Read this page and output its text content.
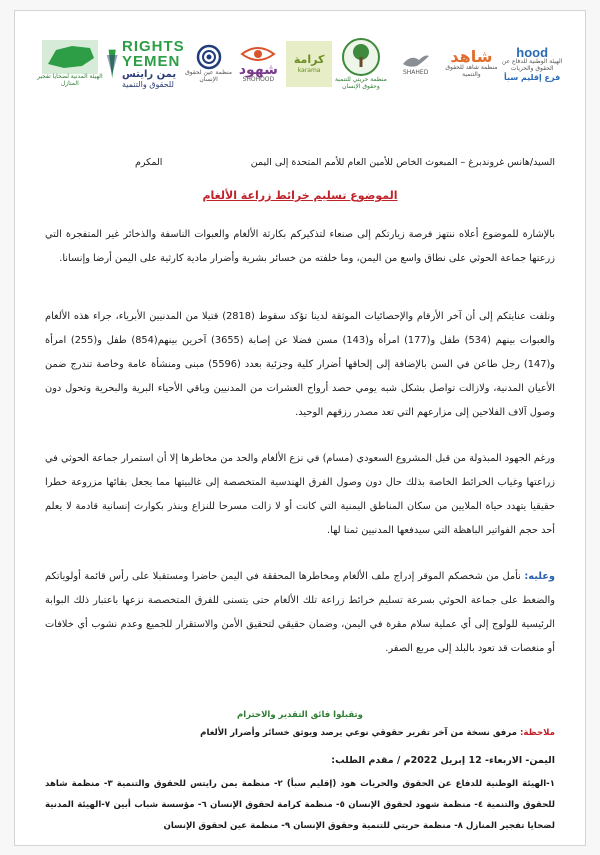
الهيئة المدنية لضحايا تفجير المنازل
RIGHTS
YEMEN
يمن رايتس
للحقوق والتنمية
منظمة عين لحقوق الإنسان
شهود
SHOHOOD
كرامة
karama
منظمة حريتي للتنمية وحقوق الإنسان
SHAHED
شاهد
منظمة شاهد للحقوق والتنمية
hood
الهيئة الوطنية للدفاع عن الحقوق والحريات
فرع إقليم سبأ
السيد/هانس غروندبرغ – المبعوث الخاص للأمين العام للأمم المتحدة إلى اليمن
المكرم
الموضوع تسليم خرائط زراعة الألغام
بالإشارة للموضوع أعلاه ننتهز فرصة زيارتكم إلى صنعاء لتذكيركم بكارثة الألغام والعبوات الناسفة والذخائر غير المتفجرة التي زرعتها جماعة الحوثي على نطاق واسع من اليمن، وما خلفته من خسائر بشرية وأضرار مادية كارثية على اليمن أرضا وإنسانا.
ونلفت عنايتكم إلى أن آخر الأرقام والإحصائيات الموثقة لدينا تؤكد سقوط (2818) قتيلا من المدنيين الأبرياء، جراء هذه الألغام والعبوات بينهم (534) طفل و(177) امرأة و(143) مسن فضلا عن إصابة (3655) آخرين بينهم(854) طفل و(255) امرأة و(147) رجل طاعن في السن بالإضافة إلى إلحاقها أضرار كلية وجزئية بعدد (5596) مبنى ومنشأة عامة وخاصة تندرج ضمن الأعيان المدنية، ولازالت تواصل بشكل شبه يومي حصد أرواح العشرات من المدنيين وباقي الأحياء البرية والبحرية وتحول دون وصول آلاف الفلاحين إلى مزارعهم التي تعد مصدر رزقهم الوحيد.
ورغم الجهود المبذولة من قبل المشروع السعودي (مسام) في نزع الألغام والحد من مخاطرها إلا أن استمرار جماعة الحوثي في زراعتها وغياب الخرائط الخاصة بذلك حال دون وصول الفرق الهندسية المتخصصة إلى غالبيتها مما يجعل بقائها مزروعة خطرا حقيقيا يتهدد حياة الملايين من سكان المناطق اليمنية التي كانت أو لا زالت مسرحا للنزاع وينذر بكوارث إنسانية قادمة لا يعلم أحد حجم الفواتير الباهظة التي سيدفعها المدنيين ثمنا لها.
وعليه: نأمل من شخصكم الموقر إدراج ملف الألغام ومخاطرها المحققة في اليمن حاضرا ومستقبلا على رأس قائمة أولوياتكم والضغط على جماعة الحوثي بسرعة تسليم خرائط زراعة تلك الألغام حتى يتسنى للفرق المتخصصة نزعها باعتبار ذلك البوابة الرئيسية للولوج إلى أي عملية سلام مقرة في اليمن، وضمان حقيقي لتحقيق الأمن والاستقرار للجميع وعدم نشوب أي خلافات أو منغصات قد تعود بالبلد إلى مربع الصفر.
وتقبلوا فائق التقدير والاحترام
ملاحظة: مرفق نسخة من آخر تقرير حقوقي نوعي يرصد ويوثق خسائر وأضرار الألغام
اليمن- الاربعاء- 12 إبريل 2022م / مقدم الطلب:
١-الهيئة الوطنية للدفاع عن الحقوق والحريات هود (إقليم سبأ) ٢- منظمة يمن رايتس للحقوق والتنمية ٣- منظمة شاهد للحقوق والتنمية ٤- منظمة شهود لحقوق الإنسان ٥- منظمة كرامة لحقوق الإنسان ٦- مؤسسة شباب أبين ٧-الهيئة المدنية لضحايا تفجير المنازل ٨- منظمة حريتي للتنمية وحقوق الإنسان ٩- منظمة عين لحقوق الإنسان
